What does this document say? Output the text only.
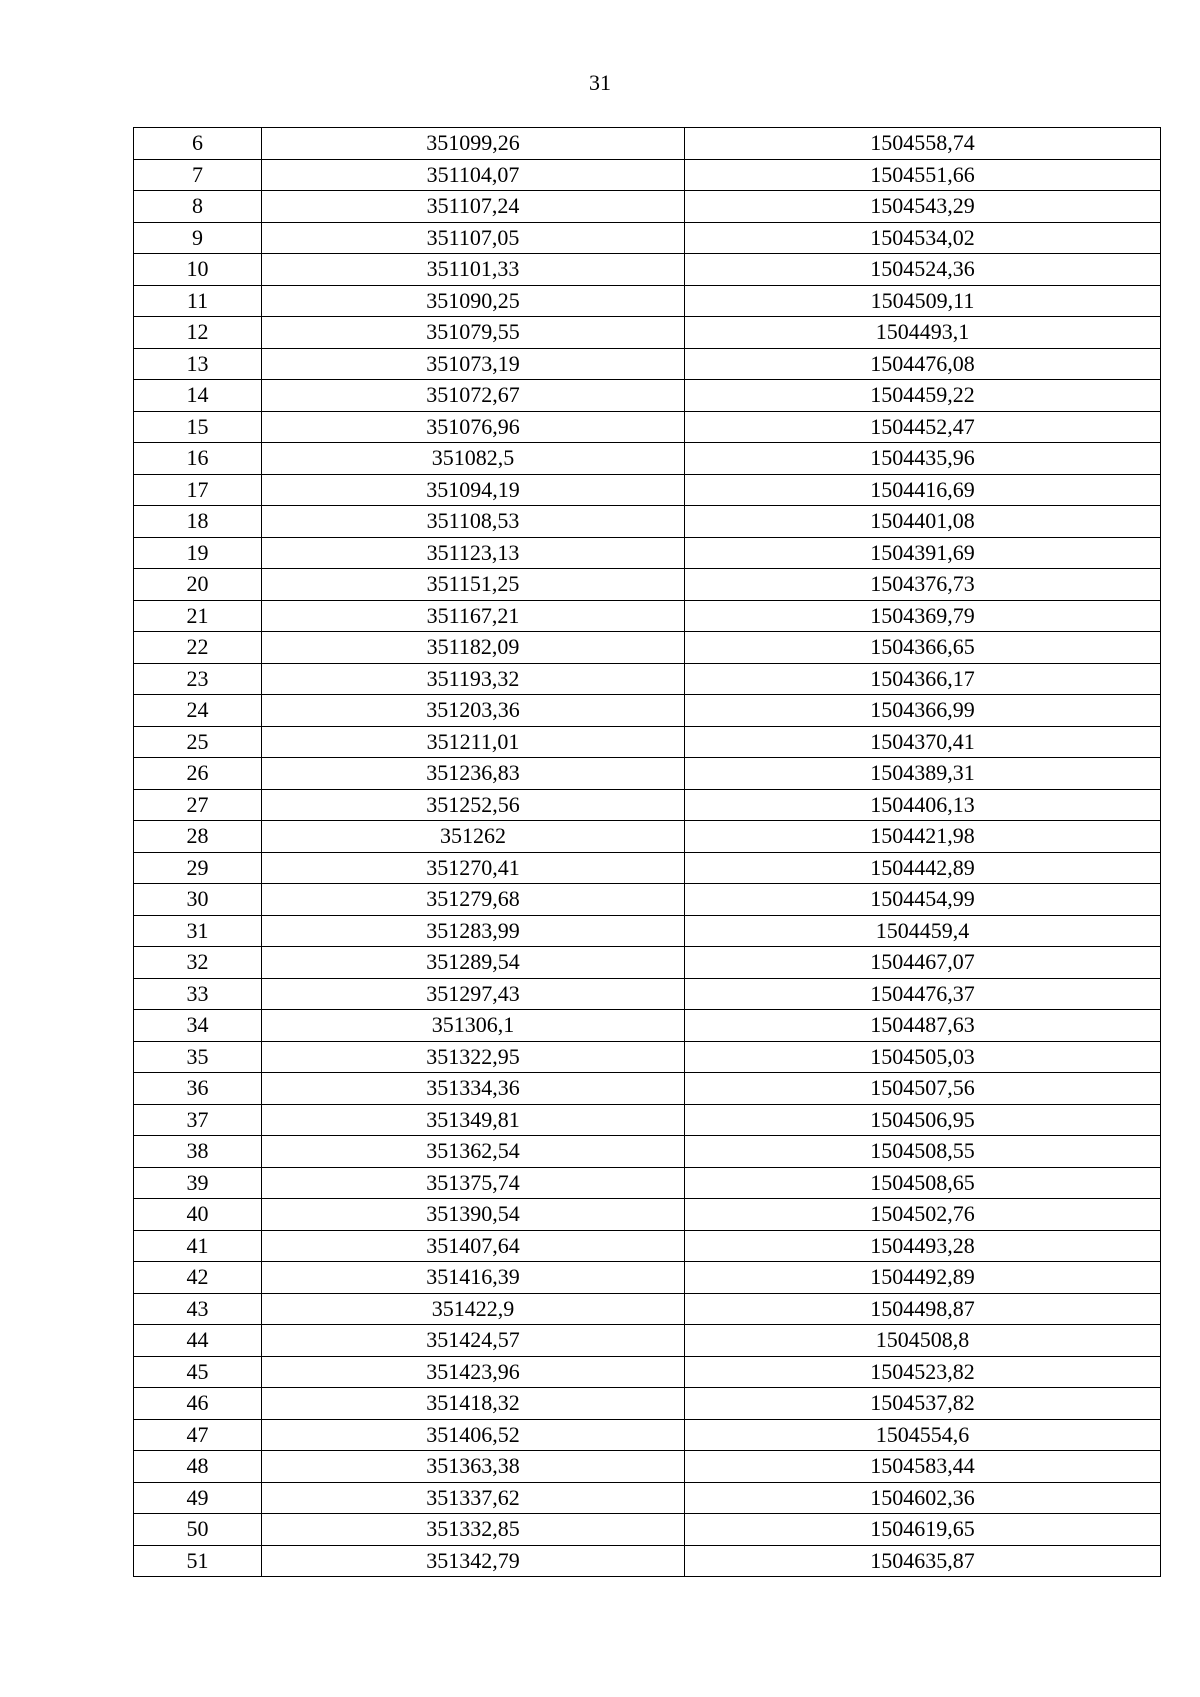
31
6	351099,26	1504558,74
7	351104,07	1504551,66
8	351107,24	1504543,29
9	351107,05	1504534,02
10	351101,33	1504524,36
11	351090,25	1504509,11
12	351079,55	1504493,1
13	351073,19	1504476,08
14	351072,67	1504459,22
15	351076,96	1504452,47
16	351082,5	1504435,96
17	351094,19	1504416,69
18	351108,53	1504401,08
19	351123,13	1504391,69
20	351151,25	1504376,73
21	351167,21	1504369,79
22	351182,09	1504366,65
23	351193,32	1504366,17
24	351203,36	1504366,99
25	351211,01	1504370,41
26	351236,83	1504389,31
27	351252,56	1504406,13
28	351262	1504421,98
29	351270,41	1504442,89
30	351279,68	1504454,99
31	351283,99	1504459,4
32	351289,54	1504467,07
33	351297,43	1504476,37
34	351306,1	1504487,63
35	351322,95	1504505,03
36	351334,36	1504507,56
37	351349,81	1504506,95
38	351362,54	1504508,55
39	351375,74	1504508,65
40	351390,54	1504502,76
41	351407,64	1504493,28
42	351416,39	1504492,89
43	351422,9	1504498,87
44	351424,57	1504508,8
45	351423,96	1504523,82
46	351418,32	1504537,82
47	351406,52	1504554,6
48	351363,38	1504583,44
49	351337,62	1504602,36
50	351332,85	1504619,65
51	351342,79	1504635,87
